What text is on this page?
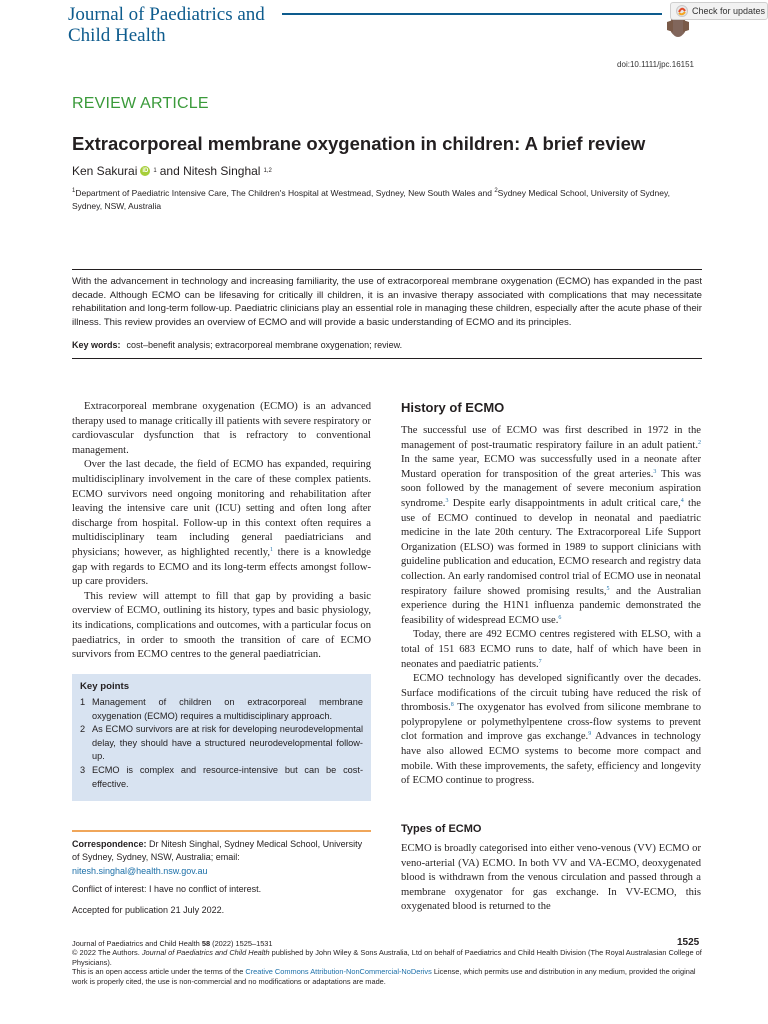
Journal of Paediatrics and
Child Health
Check for updates
doi:10.1111/jpc.16151
REVIEW ARTICLE
Extracorporeal membrane oxygenation in children: A brief review
Ken Sakurai iD 1 and Nitesh Singhal 1,2
$^1$Department of Paediatric Intensive Care, The Children's Hospital at Westmead, Sydney, New South Wales and $^2$Sydney Medical School, University of Sydney, Sydney, NSW, Australia
With the advancement in technology and increasing familiarity, the use of extracorporeal membrane oxygenation (ECMO) has expanded in the past decade. Although ECMO can be lifesaving for critically ill children, it is an invasive therapy associated with complications that may necessitate rehabilitation and long-term follow-up. Paediatric clinicians play an essential role in managing these children, especially after the acute phase of their illness. This review provides an overview of ECMO and will provide a basic understanding of ECMO and its principles.
Key words: cost–benefit analysis; extracorporeal membrane oxygenation; review.

Extracorporeal membrane oxygenation (ECMO) is an advanced therapy used to manage critically ill patients with severe respiratory or cardiovascular dysfunction that is refractory to conventional management.

Over the last decade, the field of ECMO has expanded, requiring multidisciplinary involvement in the care of these complex patients. ECMO survivors need ongoing monitoring and rehabilitation after leaving the intensive care unit (ICU) setting and often long after discharge from hospital. Follow-up in this context often requires a multidisciplinary team including general paediatricians and physicians; however, as highlighted recently,$^1$ there is a knowledge gap with regards to ECMO and its long-term effects amongst follow-up care providers.

This review will attempt to fill that gap by providing a basic overview of ECMO, outlining its history, types and basic physiology, its indications, complications and outcomes, with a particular focus on paediatrics, in order to smooth the transition of care of ECMO survivors from ECMO centres to the general paediatrician.

Key points
1 Management of children on extracorporeal membrane oxygenation (ECMO) requires a multidisciplinary approach.
2 As ECMO survivors are at risk for developing neurodevelopmental delay, they should have a structured neurodevelopmental follow-up.
3 ECMO is complex and resource-intensive but can be cost-effective.
Correspondence: Dr Nitesh Singhal, Sydney Medical School, University of Sydney, Sydney, NSW, Australia; email: nitesh.singhal@health.nsw.gov.au
Conflict of interest: I have no conflict of interest.
Accepted for publication 21 July 2022.
History of ECMO

The successful use of ECMO was first described in 1972 in the management of post-traumatic respiratory failure in an adult patient.$^2$ In the same year, ECMO was successfully used in a neonate after Mustard operation for transposition of the great arteries.$^3$ This was soon followed by the management of severe meconium aspiration syndrome.$^3$ Despite early disappointments in adult critical care,$^4$ the use of ECMO continued to develop in neonatal and paediatric medicine in the late 20th century. The Extracorporeal Life Support Organization (ELSO) was formed in 1989 to support clinicians with guideline publication and education, ECMO research and registry data collection. An early randomised control trial of ECMO use in neonatal respiratory failure showed promising results,$^5$ and the Australian experience during the H1N1 influenza pandemic demonstrated the feasibility of widespread ECMO use.$^6$

Today, there are 492 ECMO centres registered with ELSO, with a total of 151 683 ECMO runs to date, half of which have been in neonates and paediatric patients.$^7$

ECMO technology has developed significantly over the decades. Surface modifications of the circuit tubing have reduced the risk of thrombosis.$^8$ The oxygenator has evolved from silicone membrane to polypropylene or polymethylpentene cross-flow systems to prevent clot formation and improve gas exchange.$^9$ Advances in technology have also allowed ECMO systems to become more compact and mobile. With these improvements, the safety, efficiency and longevity of ECMO continue to progress.

Types of ECMO

ECMO is broadly categorised into either veno-venous (VV) ECMO or veno-arterial (VA) ECMO. In both VV and VA-ECMO, deoxygenated blood is withdrawn from the venous circulation and passed through a membrane oxygenator for gas exchange. In VV-ECMO, this oxygenated blood is returned to the

Journal of Paediatrics and Child Health 58 (2022) 1525–1531
© 2022 The Authors. Journal of Paediatrics and Child Health published by John Wiley & Sons Australia, Ltd on behalf of Paediatrics and Child Health Division (The Royal Australasian College of Physicians).
This is an open access article under the terms of the Creative Commons Attribution-NonCommercial-NoDerivs License, which permits use and distribution in any medium, provided the original work is properly cited, the use is non-commercial and no modifications or adaptations are made.
1525
